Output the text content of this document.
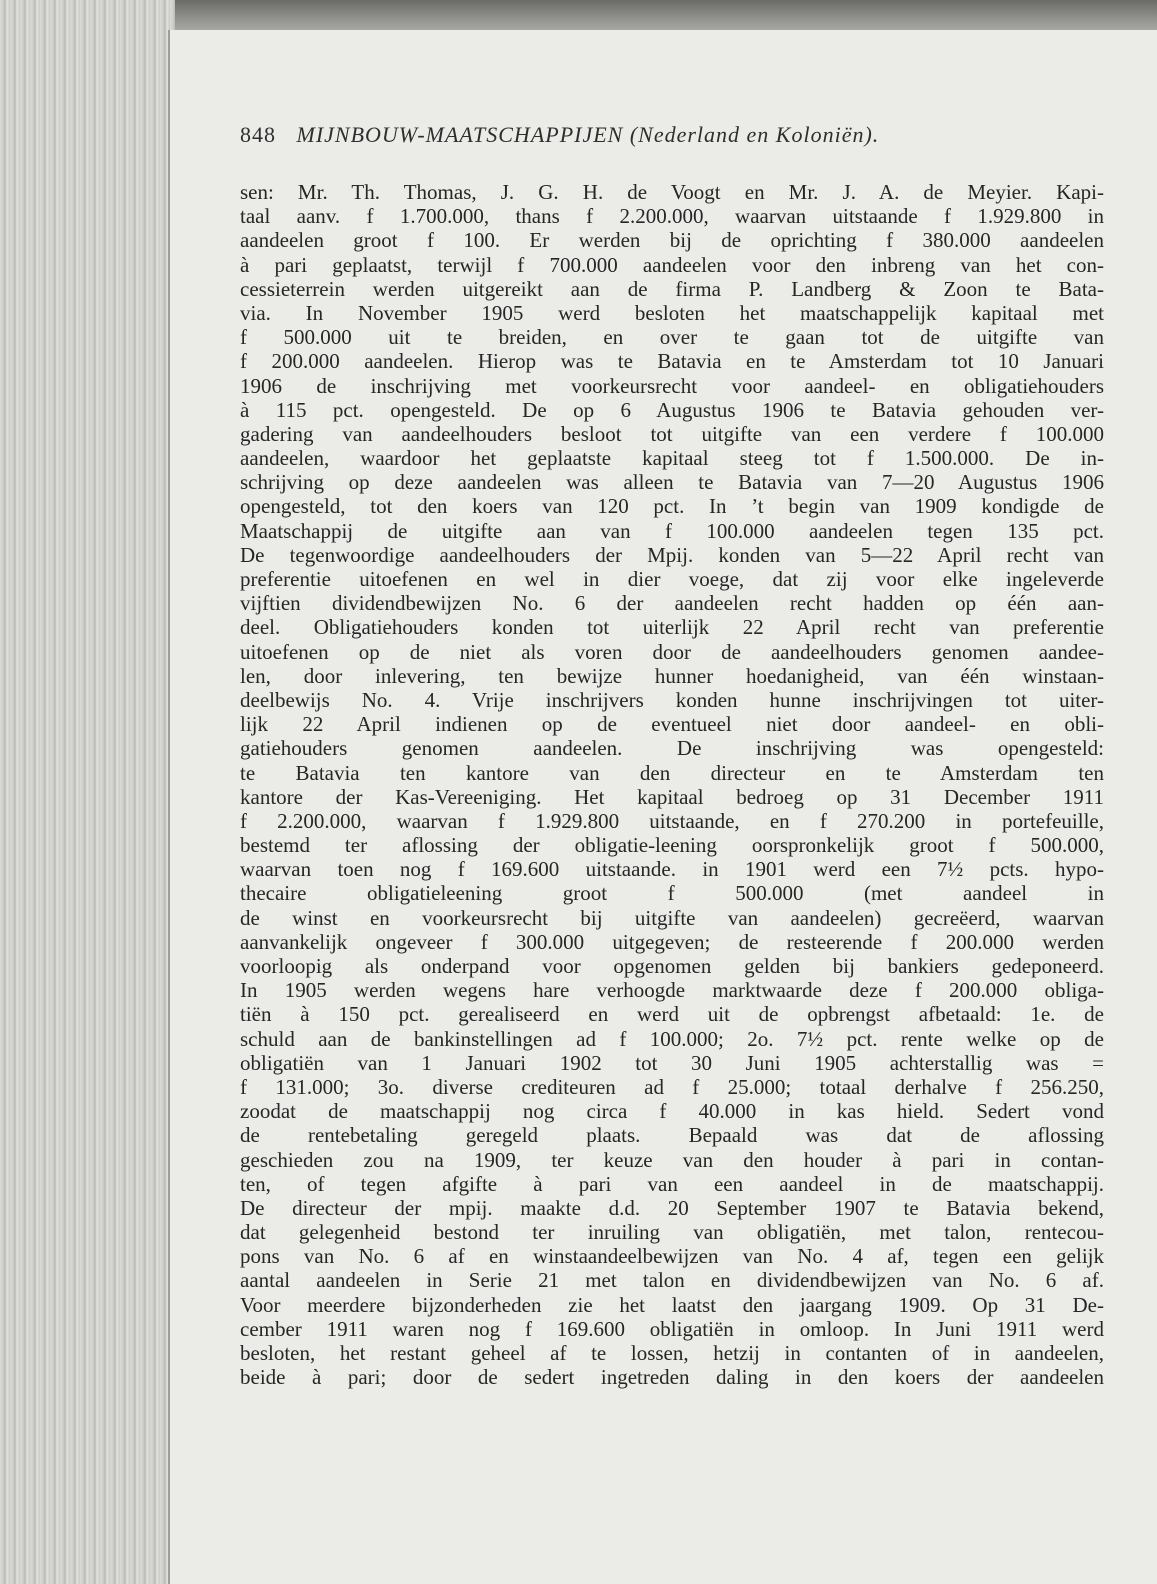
848 MIJNBOUW-MAATSCHAPPIJEN (Nederland en Koloniën).
sen: Mr. Th. Thomas, J. G. H. de Voogt en Mr. J. A. de Meyier. Kapi-
taal aanv. f 1.700.000, thans f 2.200.000, waarvan uitstaande f 1.929.800 in
aandeelen groot f 100. Er werden bij de oprichting f 380.000 aandeelen
à pari geplaatst, terwijl f 700.000 aandeelen voor den inbreng van het con-
cessieterrein werden uitgereikt aan de firma P. Landberg & Zoon te Bata-
via. In November 1905 werd besloten het maatschappelijk kapitaal met
f 500.000 uit te breiden, en over te gaan tot de uitgifte van
f 200.000 aandeelen. Hierop was te Batavia en te Amsterdam tot 10 Januari
1906 de inschrijving met voorkeursrecht voor aandeel- en obligatiehouders
à 115 pct. opengesteld. De op 6 Augustus 1906 te Batavia gehouden ver-
gadering van aandeelhouders besloot tot uitgifte van een verdere f 100.000
aandeelen, waardoor het geplaatste kapitaal steeg tot f 1.500.000. De in-
schrijving op deze aandeelen was alleen te Batavia van 7—20 Augustus 1906
opengesteld, tot den koers van 120 pct. In ’t begin van 1909 kondigde de
Maatschappij de uitgifte aan van f 100.000 aandeelen tegen 135 pct.
De tegenwoordige aandeelhouders der Mpij. konden van 5—22 April recht van
preferentie uitoefenen en wel in dier voege, dat zij voor elke ingeleverde
vijftien dividendbewijzen No. 6 der aandeelen recht hadden op één aan-
deel. Obligatiehouders konden tot uiterlijk 22 April recht van preferentie
uitoefenen op de niet als voren door de aandeelhouders genomen aandee-
len, door inlevering, ten bewijze hunner hoedanigheid, van één winstaan-
deelbewijs No. 4. Vrije inschrijvers konden hunne inschrijvingen tot uiter-
lijk 22 April indienen op de eventueel niet door aandeel- en obli-
gatiehouders genomen aandeelen. De inschrijving was opengesteld:
te Batavia ten kantore van den directeur en te Amsterdam ten
kantore der Kas-Vereeniging. Het kapitaal bedroeg op 31 December 1911
f 2.200.000, waarvan f 1.929.800 uitstaande, en f 270.200 in portefeuille,
bestemd ter aflossing der obligatie-leening oorspronkelijk groot f 500.000,
waarvan toen nog f 169.600 uitstaande. in 1901 werd een 7½ pcts. hypo-
thecaire obligatieleening groot f 500.000 (met aandeel in
de winst en voorkeursrecht bij uitgifte van aandeelen) gecreëerd, waarvan
aanvankelijk ongeveer f 300.000 uitgegeven; de resteerende f 200.000 werden
voorloopig als onderpand voor opgenomen gelden bij bankiers gedeponeerd.
In 1905 werden wegens hare verhoogde marktwaarde deze f 200.000 obliga-
tiën à 150 pct. gerealiseerd en werd uit de opbrengst afbetaald: 1e. de
schuld aan de bankinstellingen ad f 100.000; 2o. 7½ pct. rente welke op de
obligatiën van 1 Januari 1902 tot 30 Juni 1905 achterstallig was =
f 131.000; 3o. diverse crediteuren ad f 25.000; totaal derhalve f 256.250,
zoodat de maatschappij nog circa f 40.000 in kas hield. Sedert vond
de rentebetaling geregeld plaats. Bepaald was dat de aflossing
geschieden zou na 1909, ter keuze van den houder à pari in contan-
ten, of tegen afgifte à pari van een aandeel in de maatschappij.
De directeur der mpij. maakte d.d. 20 September 1907 te Batavia bekend,
dat gelegenheid bestond ter inruiling van obligatiën, met talon, rentecou-
pons van No. 6 af en winstaandeelbewijzen van No. 4 af, tegen een gelijk
aantal aandeelen in Serie 21 met talon en dividendbewijzen van No. 6 af.
Voor meerdere bijzonderheden zie het laatst den jaargang 1909. Op 31 De-
cember 1911 waren nog f 169.600 obligatiën in omloop. In Juni 1911 werd
besloten, het restant geheel af te lossen, hetzij in contanten of in aandeelen,
beide à pari; door de sedert ingetreden daling in den koers der aandeelen
